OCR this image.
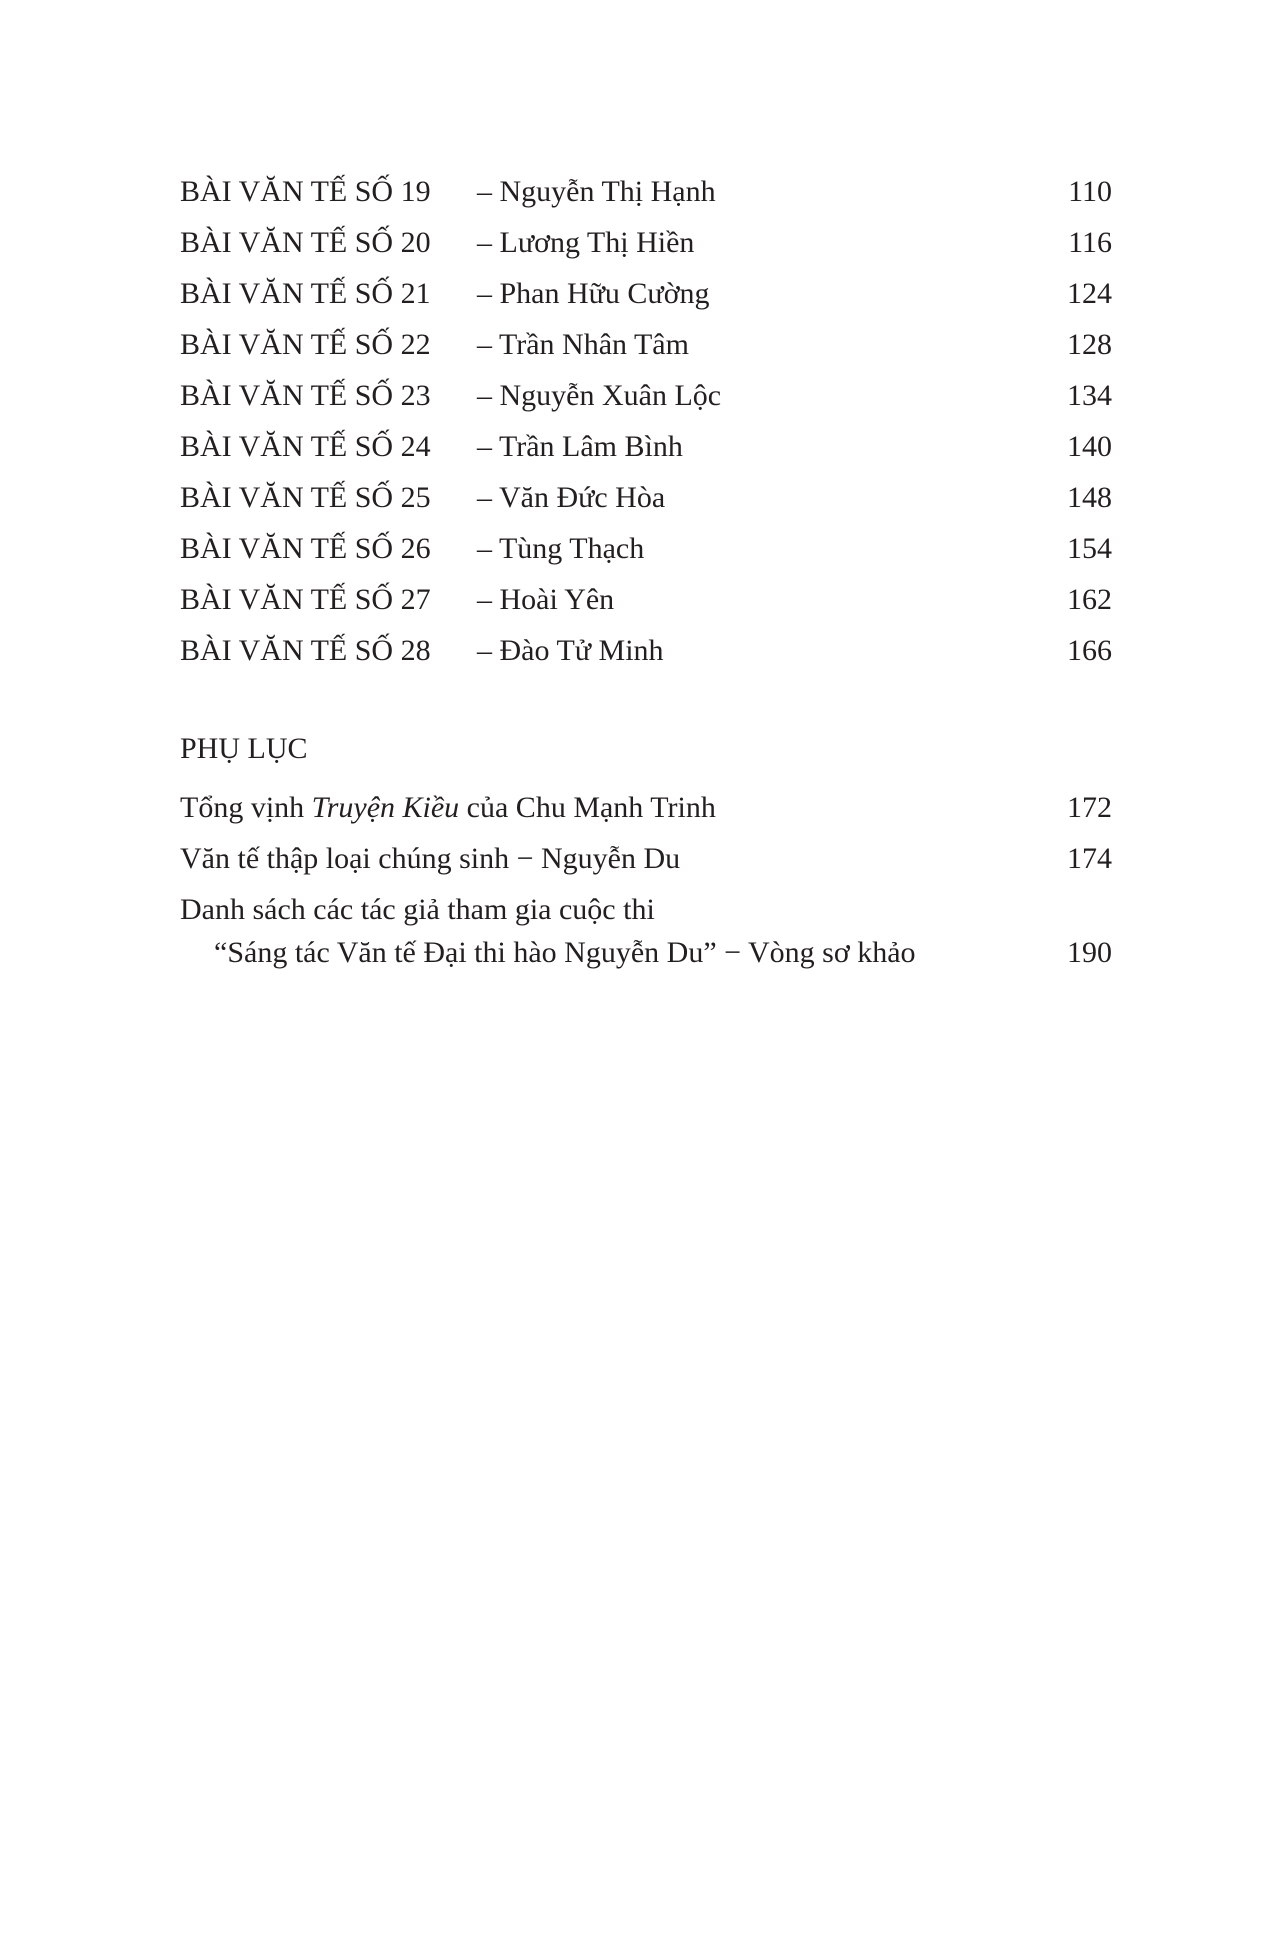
BÀI VĂN TẾ SỐ 19 – Nguyễn Thị Hạnh	110
BÀI VĂN TẾ SỐ 20 – Lương Thị Hiền	116
BÀI VĂN TẾ SỐ 21 – Phan Hữu Cường	124
BÀI VĂN TẾ SỐ 22 – Trần Nhân Tâm	128
BÀI VĂN TẾ SỐ 23 – Nguyễn Xuân Lộc	134
BÀI VĂN TẾ SỐ 24 – Trần Lâm Bình	140
BÀI VĂN TẾ SỐ 25 – Văn Đức Hòa	148
BÀI VĂN TẾ SỐ 26 – Tùng Thạch	154
BÀI VĂN TẾ SỐ 27 – Hoài Yên	162
BÀI VĂN TẾ SỐ 28 – Đào Tử Minh	166
PHỤ LỤC
Tổng vịnh Truyện Kiều của Chu Mạnh Trinh	172
Văn tế thập loại chúng sinh − Nguyễn Du	174
Danh sách các tác giả tham gia cuộc thi
“Sáng tác Văn tế Đại thi hào Nguyễn Du” − Vòng sơ khảo	190
